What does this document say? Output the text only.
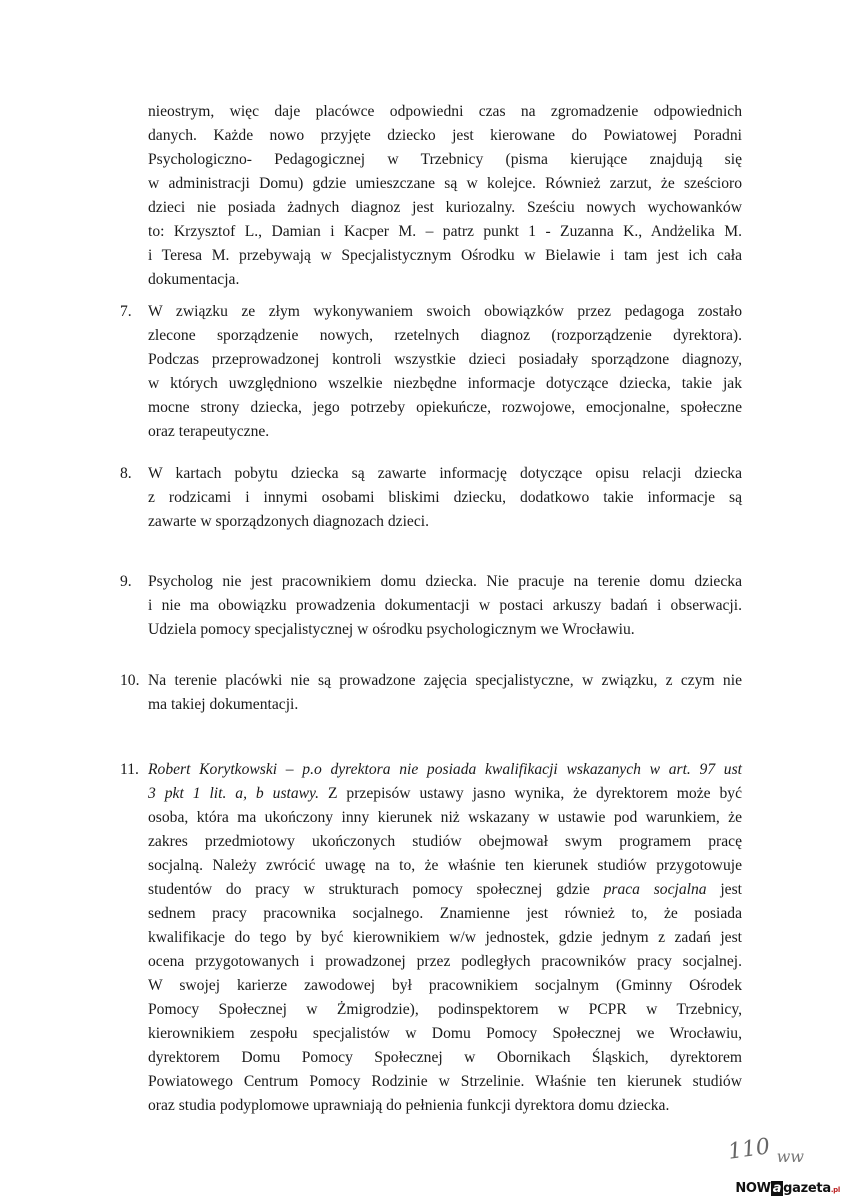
nieostrym, więc daje placówce odpowiedni czas na zgromadzenie odpowiednich
danych. Każde nowo przyjęte dziecko jest kierowane do Powiatowej Poradni
Psychologiczno- Pedagogicznej w Trzebnicy (pisma kierujące znajdują się
w administracji Domu) gdzie umieszczane są w kolejce. Również zarzut, że sześcioro
dzieci nie posiada żadnych diagnoz jest kuriozalny. Sześciu nowych wychowanków
to: Krzysztof L., Damian i Kacper M. – patrz punkt 1 - Zuzanna K., Andżelika M.
i Teresa M. przebywają w Specjalistycznym Ośrodku w Bielawie i tam jest ich cała
dokumentacja.
7. W związku ze złym wykonywaniem swoich obowiązków przez pedagoga zostało
zlecone sporządzenie nowych, rzetelnych diagnoz (rozporządzenie dyrektora).
Podczas przeprowadzonej kontroli wszystkie dzieci posiadały sporządzone diagnozy,
w których uwzględniono wszelkie niezbędne informacje dotyczące dziecka, takie jak
mocne strony dziecka, jego potrzeby opiekuńcze, rozwojowe, emocjonalne, społeczne
oraz terapeutyczne.
8. W kartach pobytu dziecka są zawarte informację dotyczące opisu relacji dziecka
z rodzicami i innymi osobami bliskimi dziecku, dodatkowo takie informacje są
zawarte w sporządzonych diagnozach dzieci.
9. Psycholog nie jest pracownikiem domu dziecka. Nie pracuje na terenie domu dziecka
i nie ma obowiązku prowadzenia dokumentacji w postaci arkuszy badań i obserwacji.
Udziela pomocy specjalistycznej w ośrodku psychologicznym we Wrocławiu.
10. Na terenie placówki nie są prowadzone zajęcia specjalistyczne, w związku, z czym nie
ma takiej dokumentacji.
11. Robert Korytkowski – p.o dyrektora nie posiada kwalifikacji wskazanych w art. 97 ust
3 pkt 1 lit. a, b ustawy. Z przepisów ustawy jasno wynika, że dyrektorem może być
osoba, która ma ukończony inny kierunek niż wskazany w ustawie pod warunkiem, że
zakres przedmiotowy ukończonych studiów obejmował swym programem pracę
socjalną. Należy zwrócić uwagę na to, że właśnie ten kierunek studiów przygotowuje
studentów do pracy w strukturach pomocy społecznej gdzie praca socjalna jest
sednem pracy pracownika socjalnego. Znamienne jest również to, że posiada
kwalifikacje do tego by być kierownikiem w/w jednostek, gdzie jednym z zadań jest
ocena przygotowanych i prowadzonej przez podległych pracowników pracy socjalnej.
W swojej karierze zawodowej był pracownikiem socjalnym (Gminny Ośrodek
Pomocy Społecznej w Żmigrodzie), podinspektorem w PCPR w Trzebnicy,
kierownikiem zespołu specjalistów w Domu Pomocy Społecznej we Wrocławiu,
dyrektorem Domu Pomocy Społecznej w Obornikach Śląskich, dyrektorem
Powiatowego Centrum Pomocy Rodzinie w Strzelinie. Właśnie ten kierunek studiów
oraz studia podyplomowe uprawniają do pełnienia funkcji dyrektora domu dziecka.
110 ww
NOW a gazeta.pl
